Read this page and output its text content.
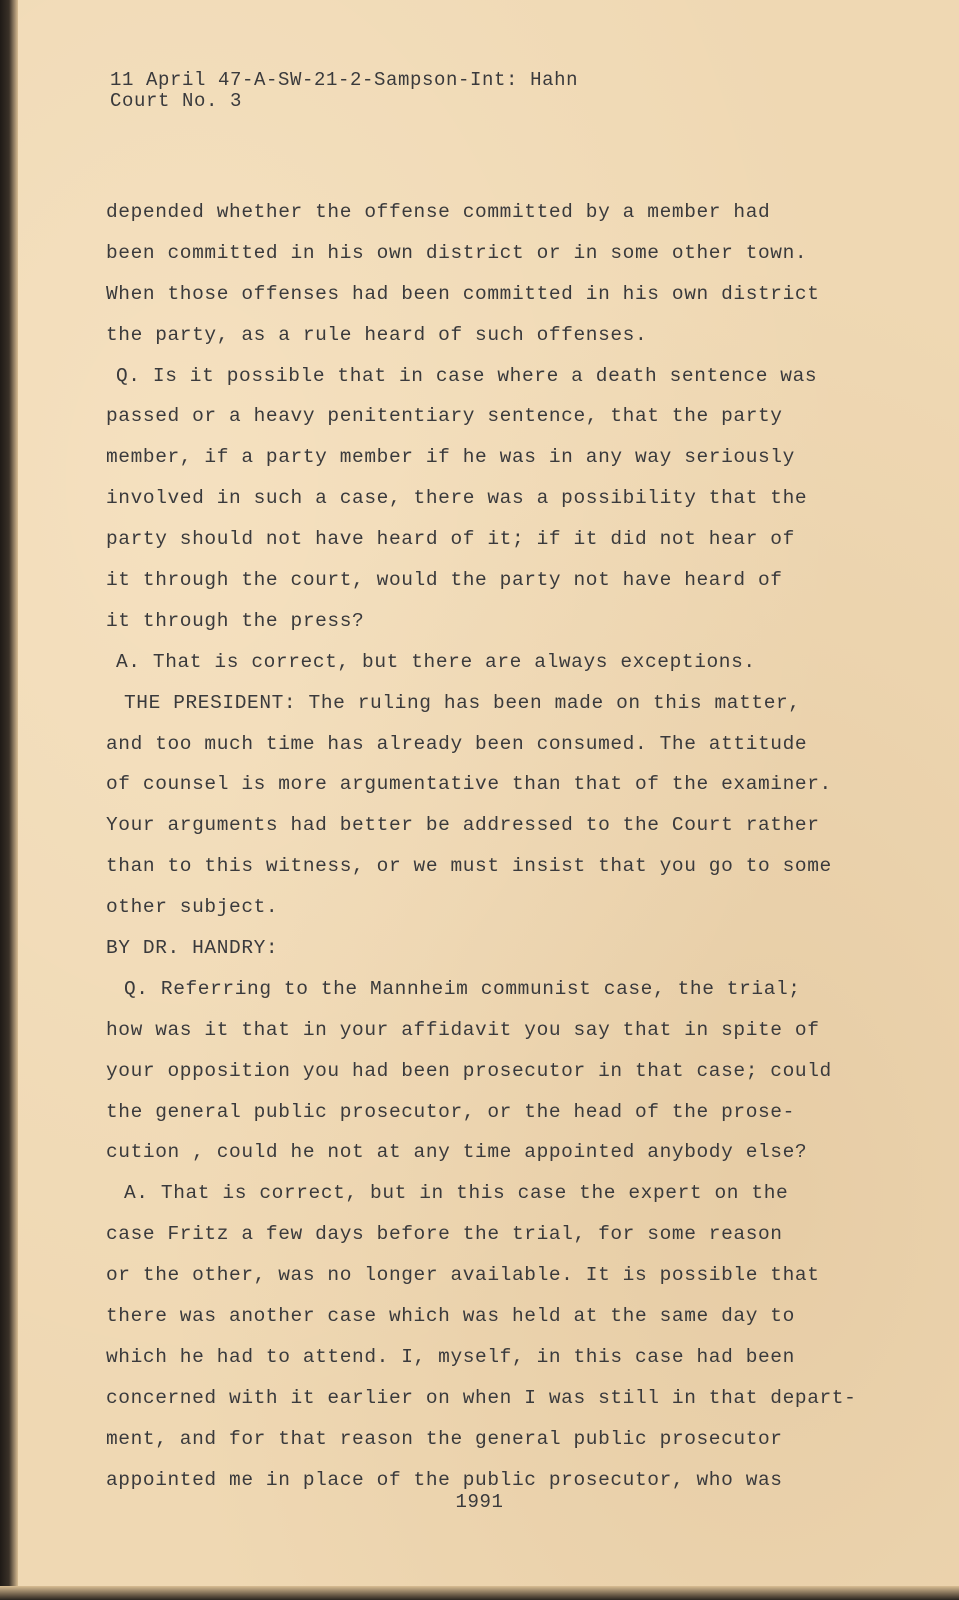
11 April 47-A-SW-21-2-Sampson-Int: Hahn
Court No. 3
depended whether the offense committed by a member had
been committed in his own district or in some other town.
When those offenses had been committed in his own district
the party, as a rule heard of such offenses.
Q. Is it possible that in case where a death sentence was
passed or a heavy penitentiary sentence, that the party
member, if a party member if he was in any way seriously
involved in such a case, there was a possibility that the
party should not have heard of it; if it did not hear of
it through the court, would the party not have heard of
it through the press?
A. That is correct, but there are always exceptions.
THE PRESIDENT: The ruling has been made on this matter,
and too much time has already been consumed. The attitude
of counsel is more argumentative than that of the examiner.
Your arguments had better be addressed to the Court rather
than to this witness, or we must insist that you go to some
other subject.
BY DR. HANDRY:
Q. Referring to the Mannheim communist case, the trial;
how was it that in your affidavit you say that in spite of
your opposition you had been prosecutor in that case; could
the general public prosecutor, or the head of the prose-
cution , could he not at any time appointed anybody else?
A. That is correct, but in this case the expert on the
case Fritz a few days before the trial, for some reason
or the other, was no longer available. It is possible that
there was another case which was held at the same day to
which he had to attend. I, myself, in this case had been
concerned with it earlier on when I was still in that depart-
ment, and for that reason the general public prosecutor
appointed me in place of the public prosecutor, who was
1991
